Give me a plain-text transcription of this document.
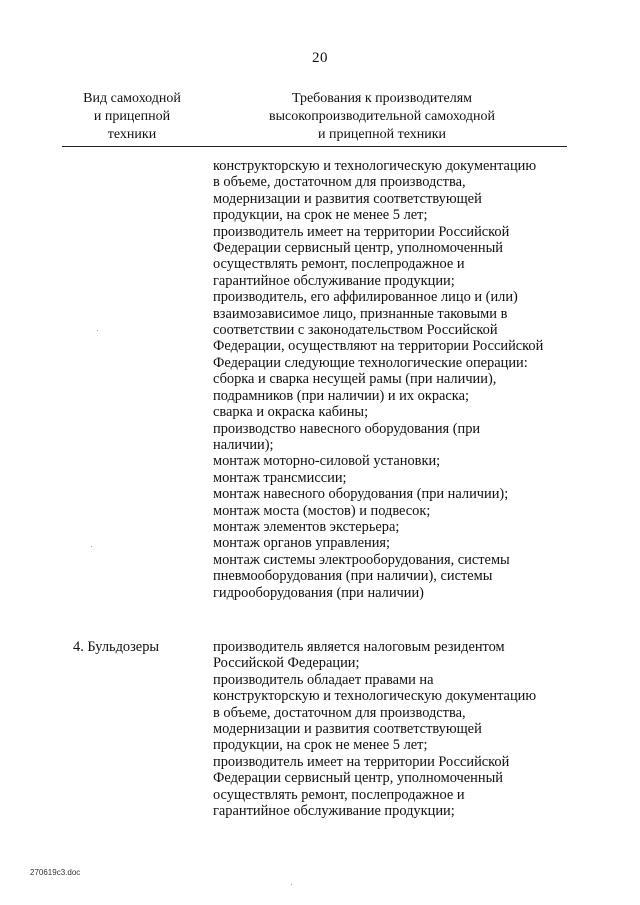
20
Вид самоходной
и прицепной
техники
Требования к производителям
высокопроизводительной самоходной
и прицепной техники
конструкторскую и технологическую документацию
в объеме, достаточном для производства,
модернизации и развития соответствующей
продукции, на срок не менее 5 лет;
производитель имеет на территории Российской
Федерации сервисный центр, уполномоченный
осуществлять ремонт, послепродажное и
гарантийное обслуживание продукции;
производитель, его аффилированное лицо и (или)
взаимозависимое лицо, признанные таковыми в
соответствии с законодательством Российской
Федерации, осуществляют на территории Российской
Федерации следующие технологические операции:
сборка и сварка несущей рамы (при наличии),
подрамников (при наличии) и их окраска;
сварка и окраска кабины;
производство навесного оборудования (при
наличии);
монтаж моторно-силовой установки;
монтаж трансмиссии;
монтаж навесного оборудования (при наличии);
монтаж моста (мостов) и подвесок;
монтаж элементов экстерьера;
монтаж органов управления;
монтаж системы электрооборудования, системы
пневмооборудования (при наличии), системы
гидрооборудования (при наличии)
4. Бульдозеры	производитель является налоговым резидентом
Российской Федерации;
производитель обладает правами на
конструкторскую и технологическую документацию
в объеме, достаточном для производства,
модернизации и развития соответствующей
продукции, на срок не менее 5 лет;
производитель имеет на территории Российской
Федерации сервисный центр, уполномоченный
осуществлять ремонт, послепродажное и
гарантийное обслуживание продукции;
270619c3.doc
